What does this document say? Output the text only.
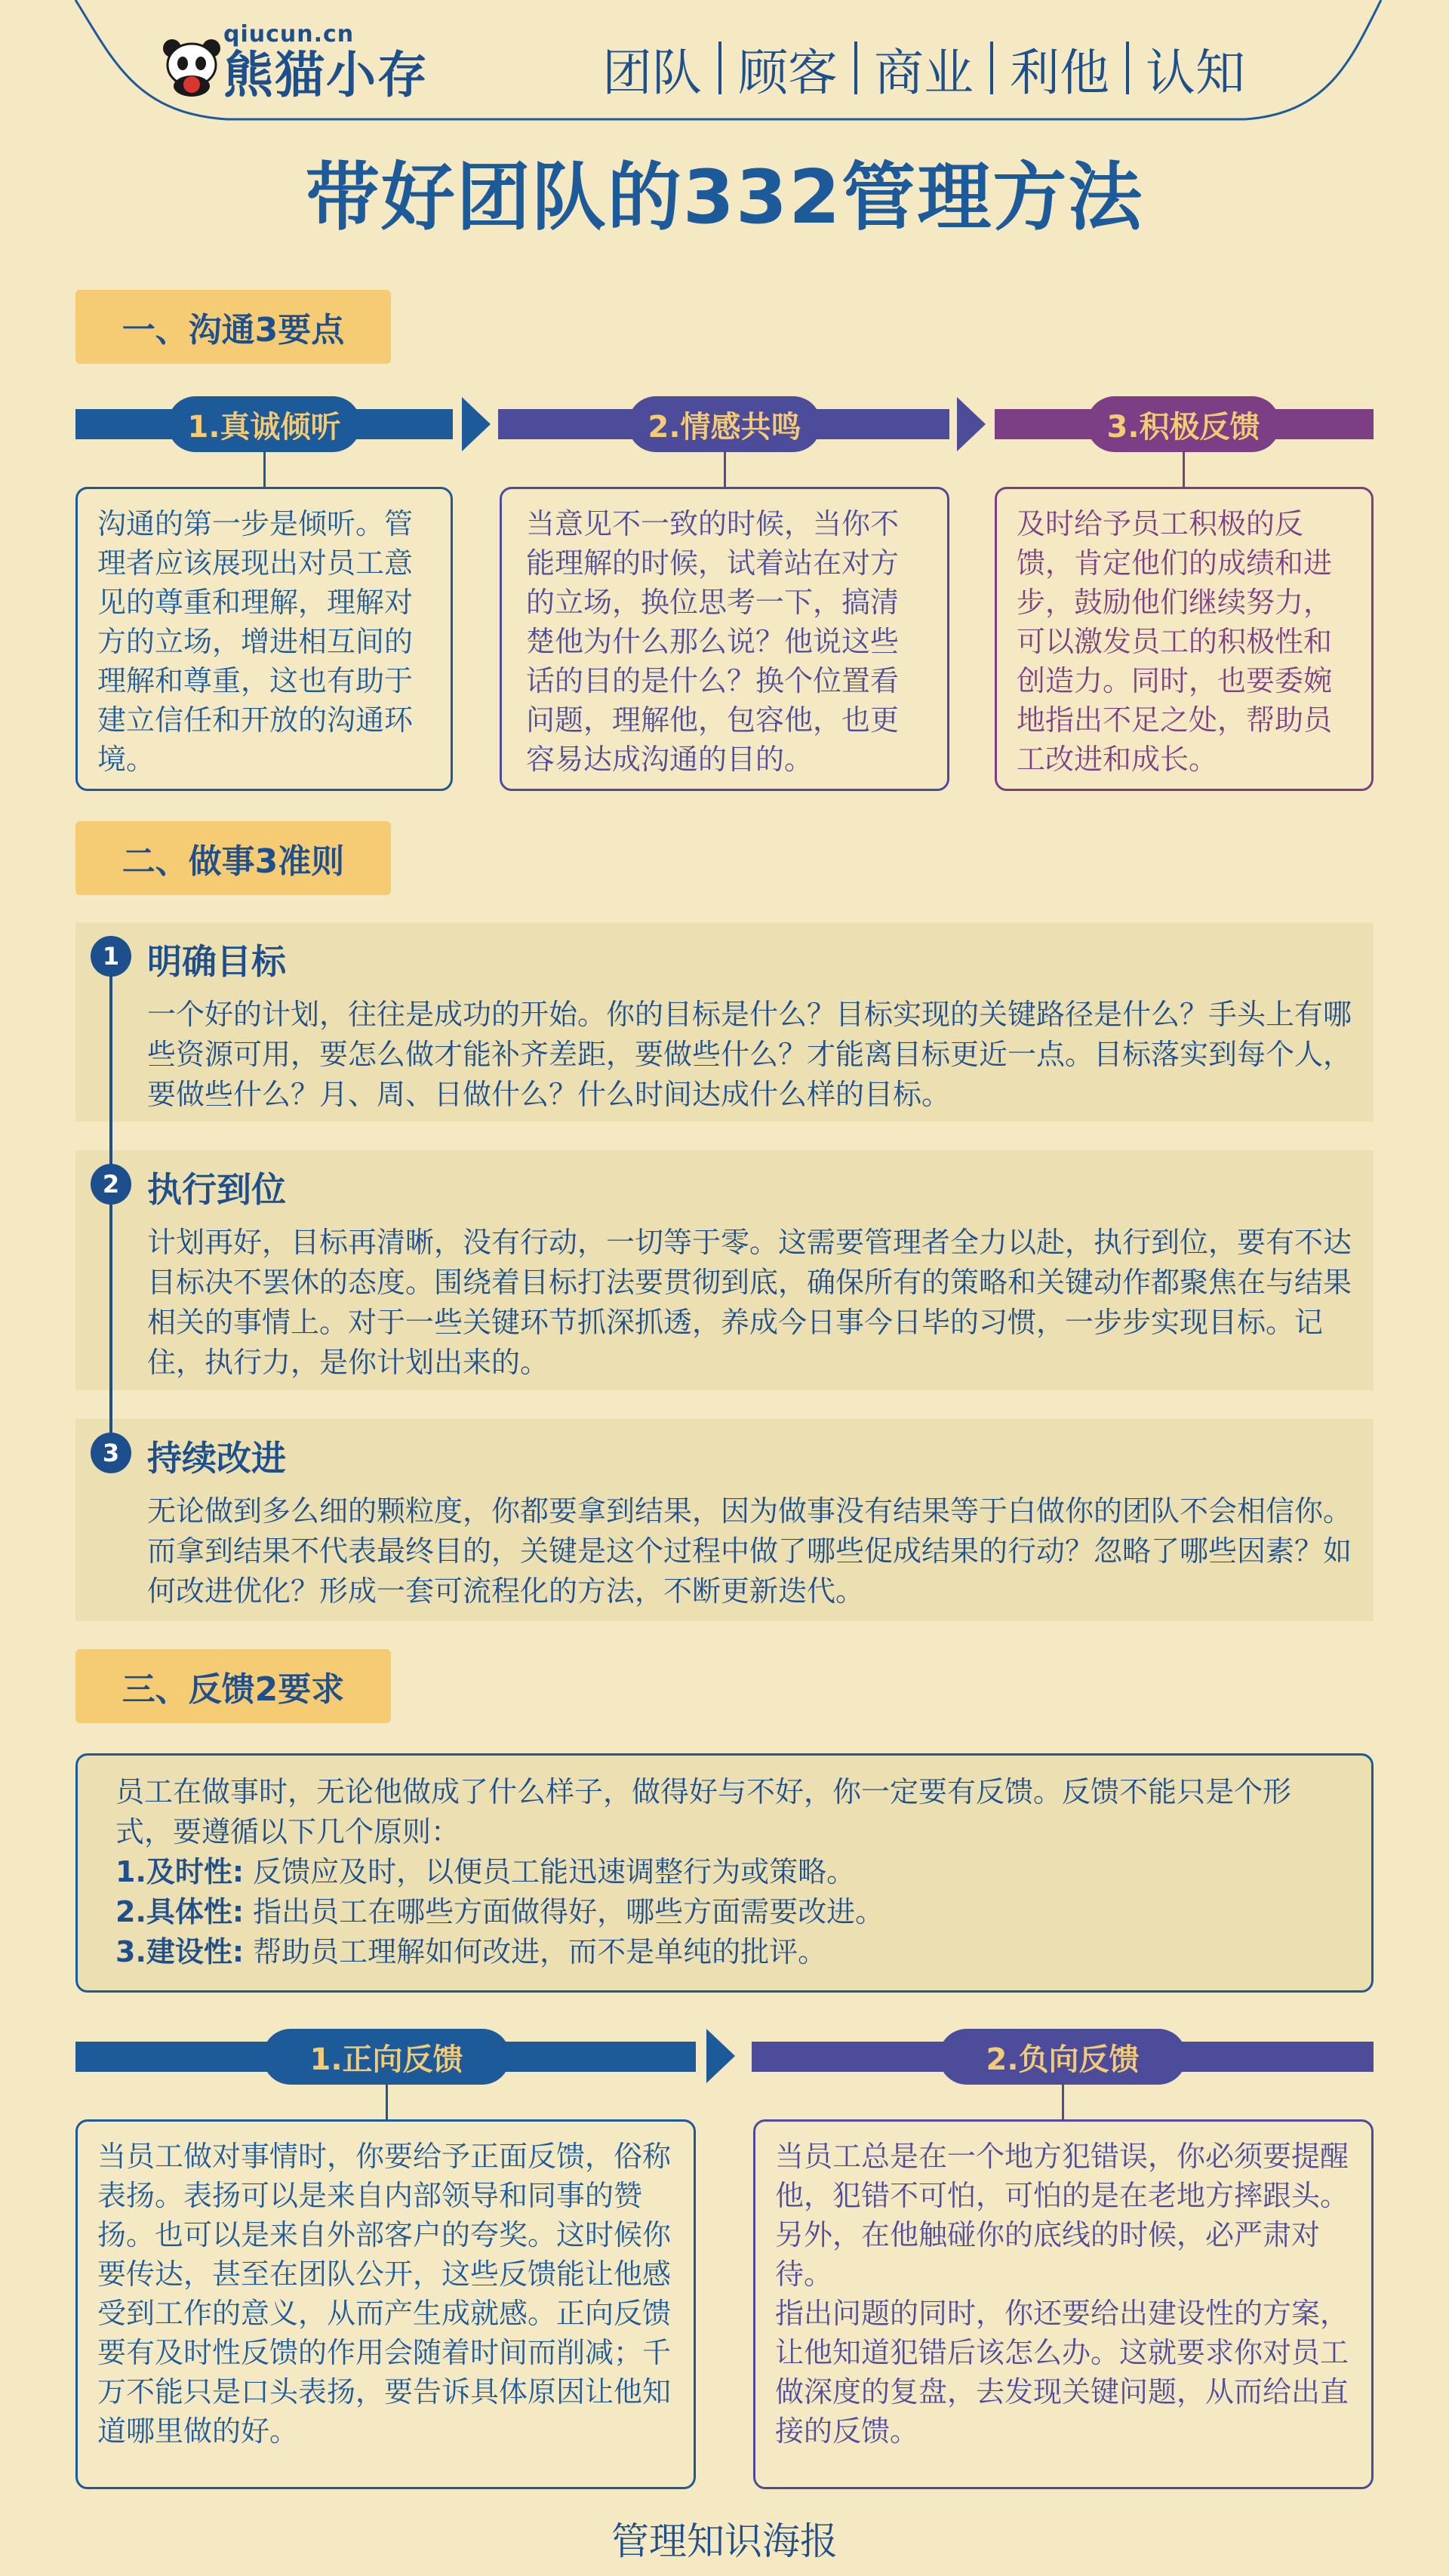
qiucun.cn
熊猫小存	团队 顾客 商业 利他 认知
带好团队的332管理方法
一、沟通3要点
1.真诚倾听	2.情感共鸣	3.积极反馈
沟通的第一步是倾听。管理者应该展现出对员工意见的尊重和理解，理解对方的立场，增进相互间的理解和尊重，这也有助于建立信任和开放的沟通环境。
当意见不一致的时候，当你不能理解的时候，试着站在对方的立场，换位思考一下，搞清楚他为什么那么说？他说这些话的目的是什么？换个位置看问题，理解他，包容他，也更容易达成沟通的目的。
及时给予员工积极的反馈，肯定他们的成绩和进步，鼓励他们继续努力，可以激发员工的积极性和创造力。同时，也要委婉地指出不足之处，帮助员工改进和成长。
二、做事3准则
1 明确目标
一个好的计划，往往是成功的开始。你的目标是什么？目标实现的关键路径是什么？手头上有哪些资源可用，要怎么做才能补齐差距，要做些什么？才能离目标更近一点。目标落实到每个人，要做些什么？月、周、日做什么？什么时间达成什么样的目标。
2 执行到位
计划再好，目标再清晰，没有行动，一切等于零。这需要管理者全力以赴，执行到位，要有不达目标决不罢休的态度。围绕着目标打法要贯彻到底，确保所有的策略和关键动作都聚焦在与结果相关的事情上。对于一些关键环节抓深抓透，养成今日事今日毕的习惯，一步步实现目标。记住，执行力，是你计划出来的。
3 持续改进
无论做到多么细的颗粒度，你都要拿到结果，因为做事没有结果等于白做你的团队不会相信你。而拿到结果不代表最终目的，关键是这个过程中做了哪些促成结果的行动？忽略了哪些因素？如何改进优化？形成一套可流程化的方法，不断更新迭代。
三、反馈2要求
员工在做事时，无论他做成了什么样子，做得好与不好，你一定要有反馈。反馈不能只是个形式，要遵循以下几个原则：
1.及时性: 反馈应及时，以便员工能迅速调整行为或策略。
2.具体性: 指出员工在哪些方面做得好，哪些方面需要改进。
3.建设性: 帮助员工理解如何改进，而不是单纯的批评。
1.正向反馈	2.负向反馈
当员工做对事情时，你要给予正面反馈，俗称表扬。表扬可以是来自内部领导和同事的赞扬。也可以是来自外部客户的夸奖。这时候你要传达，甚至在团队公开，这些反馈能让他感受到工作的意义，从而产生成就感。正向反馈要有及时性反馈的作用会随着时间而削减；千万不能只是口头表扬，要告诉具体原因让他知道哪里做的好。
当员工总是在一个地方犯错误，你必须要提醒他，犯错不可怕，可怕的是在老地方摔跟头。另外，在他触碰你的底线的时候，必严肃对待。
指出问题的同时，你还要给出建设性的方案，让他知道犯错后该怎么办。这就要求你对员工做深度的复盘，去发现关键问题，从而给出直接的反馈。
管理知识海报
